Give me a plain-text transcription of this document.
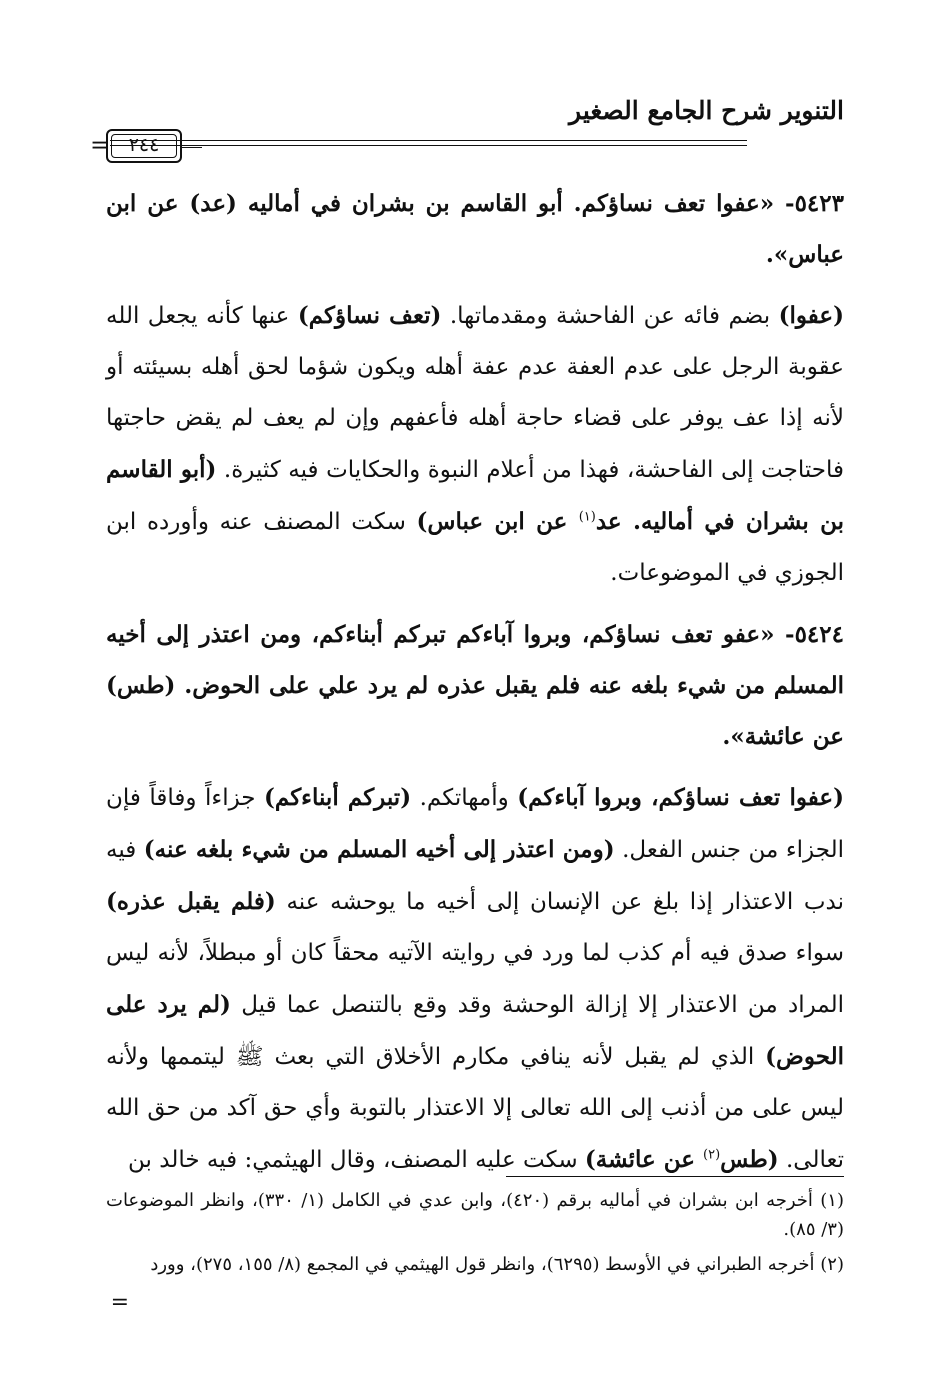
التنوير شرح الجامع الصغير
٢٤٤
=

٥٤٢٣- «عفوا تعف نساؤكم. أبو القاسم بن بشران في أماليه (عد) عن ابن عباس».

(عفوا) بضم فائه عن الفاحشة ومقدماتها. (تعف نساؤكم) عنها كأنه يجعل الله عقوبة الرجل على عدم العفة عدم عفة أهله ويكون شؤما لحق أهله بسيئته أو لأنه إذا عف يوفر على قضاء حاجة أهله فأعفهم وإن لم يعف لم يقض حاجتها فاحتاجت إلى الفاحشة، فهذا من أعلام النبوة والحكايات فيه كثيرة. (أبو القاسم بن بشران في أماليه. عد$^{(١)}$ عن ابن عباس) سكت المصنف عنه وأورده ابن الجوزي في الموضوعات.

٥٤٢٤- «عفو تعف نساؤكم، وبروا آباءكم تبركم أبناءكم، ومن اعتذر إلى أخيه المسلم من شيء بلغه عنه فلم يقبل عذره لم يرد علي على الحوض. (طس) عن عائشة».

(عفوا تعف نساؤكم، وبروا آباءكم) وأمهاتكم. (تبركم أبناءكم) جزاءاً وفاقاً فإن الجزاء من جنس الفعل. (ومن اعتذر إلى أخيه المسلم من شيء بلغه عنه) فيه ندب الاعتذار إذا بلغ عن الإنسان إلى أخيه ما يوحشه عنه (فلم يقبل عذره) سواء صدق فيه أم كذب لما ورد في روايته الآتيه محقاً كان أو مبطلاً، لأنه ليس المراد من الاعتذار إلا إزالة الوحشة وقد وقع بالتنصل عما قيل (لم يرد على الحوض) الذي لم يقبل لأنه ينافي مكارم الأخلاق التي بعث ﷺ ليتممها ولأنه ليس على من أذنب إلى الله تعالى إلا الاعتذار بالتوبة وأي حق آكد من حق الله تعالى. (طس$^{(٢)}$ عن عائشة) سكت عليه المصنف، وقال الهيثمي: فيه خالد بن

(١) أخرجه ابن بشران في أماليه برقم (٤٢٠)، وابن عدي في الكامل (١/ ٣٣٠)، وانظر الموضوعات (٣/ ٨٥).

(٢) أخرجه الطبراني في الأوسط (٦٢٩٥)، وانظر قول الهيثمي في المجمع (٨/ ١٥٥، ٢٧٥)، وورد

=
